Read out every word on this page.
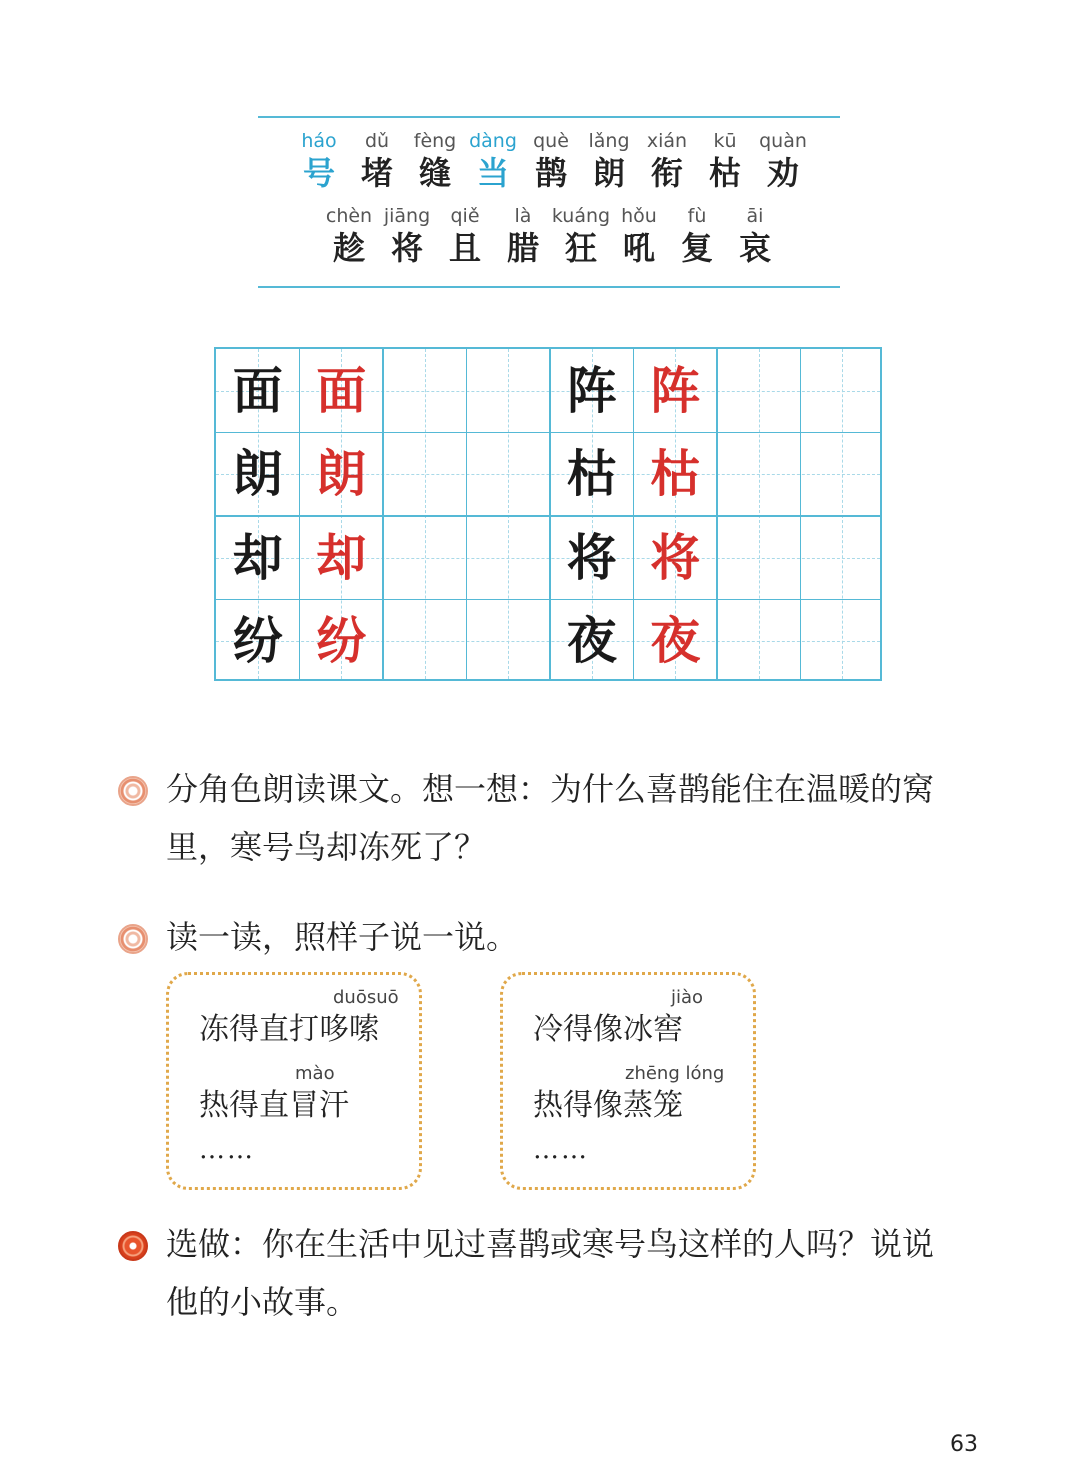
háo
号
dǔ
堵
fèng
缝
dàng
当
què
鹊
lǎng
朗
xián
衔
kū
枯
quàn
劝
chèn
趁
jiāng
将
qiě
且
là
腊
kuáng
狂
hǒu
吼
fù
复
āi
哀
面 面
朗 朗
却 却
纷 纷
阵 阵
枯 枯
将 将
夜 夜
分角色朗读课文。想一想：为什么喜鹊能住在温暖的窝
里，寒号鸟却冻死了？
读一读，照样子说一说。
duōsuō
冻得直打哆嗦
mào
热得直冒汗
……
jiào
冷得像冰窖
zhēng lóng
热得像蒸笼
……
选做：你在生活中见过喜鹊或寒号鸟这样的人吗？说说
他的小故事。
63
